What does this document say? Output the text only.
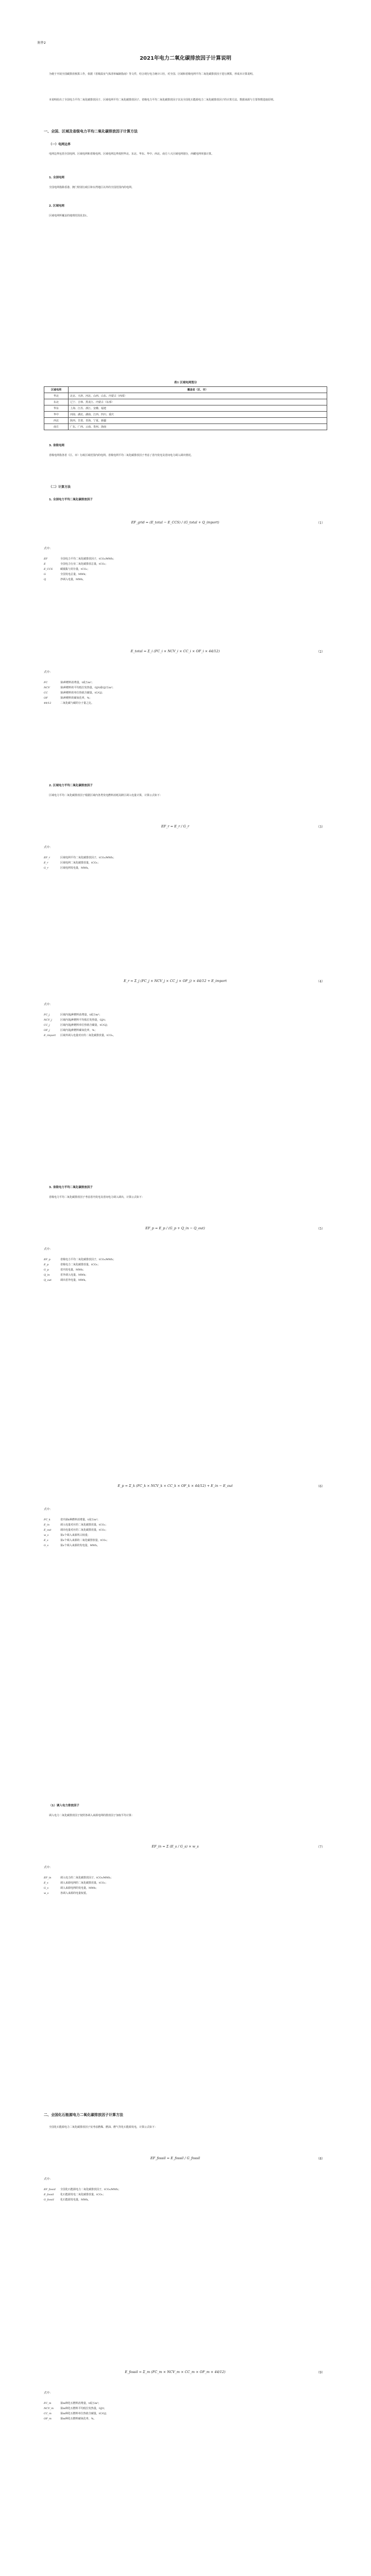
附件2
2021年电力二氧化碳排放因子计算说明
为便于开展全国碳排放核算工作，依据《省级温室气体清单编制指南》等文件，结合现行电力统计口径，对全国、区域和省级电网平均二氧化碳排放因子进行测算，形成本计算说明。
本说明给出了全国电力平均二氧化碳排放因子、区域电网平均二氧化碳排放因子、省级电力平均二氧化碳排放因子以及全国化石能源电力二氧化碳排放因子的计算方法、数据来源与主要参数选取原则。
一、全国、区域及省级电力平均二氧化碳排放因子计算方法
（一）电网边界
电网边界包括全国电网、区域电网和省级电网。区域电网边界按照华北、东北、华东、华中、西北、南方六大区域电网划分，西藏电网单独计算。
1. 全国电网
全国电网指除香港、澳门特别行政区和台湾地区以外的全国范围内的电网。
2. 区域电网
区域电网所覆盖的地理范围见表1。
表1 区域电网划分
区域电网	覆盖省（区、市）
华北	北京、天津、河北、山西、山东、内蒙古（西部）
东北	辽宁、吉林、黑龙江、内蒙古（东部）
华东	上海、江苏、浙江、安徽、福建
华中	河南、湖北、湖南、江西、四川、重庆
西北	陕西、甘肃、青海、宁夏、新疆
南方	广东、广西、云南、贵州、海南
3. 省级电网
省级电网指各省（区、市）行政区域范围内的电网。省级电网平均二氧化碳排放因子考虑了省内发电及省间电力调入调出情况。
（二）计算方法
1. 全国电力平均二氧化碳排放因子
EF_grid = (E_total − E_CCS) / (G_total + Q_import)	（1）
式中：
EF	全国电力平均二氧化碳排放因子，tCO₂/MWh；
E	全国电力行业二氧化碳排放总量，tCO₂；
E_CCS	碳捕集与封存量，tCO₂；
G	全国发电总量，MWh；
Q	净调入电量，MWh。
E_total = Σ_i (FC_i × NCV_i × CC_i × OF_i × 44/12)	（2）
式中：
FC	第i种燃料消费量，t或万m³；
NCV	第i种燃料的平均低位发热量，GJ/t或GJ/万m³；
CC	第i种燃料的单位热值含碳量，tC/GJ；
OF	第i种燃料的碳氧化率，%；
44/12	二氧化碳与碳的分子量之比。
2. 区域电力平均二氧化碳排放因子
区域电力平均二氧化碳排放因子根据区域内各类发电燃料消耗及跨区调入电量计算，计算公式如下：
EF_r = E_r / G_r	（3）
式中：
EF_r	区域电网平均二氧化碳排放因子，tCO₂/MWh；
E_r	区域电网二氧化碳排放量，tCO₂；
G_r	区域电网发电量，MWh。
E_r = Σ_j (FC_j × NCV_j × CC_j × OF_j) × 44/12 + E_import	（4）
式中：
FC_j	区域内第j种燃料消费量，t或万m³；
NCV_j	区域内第j种燃料平均低位发热量，GJ/t；
CC_j	区域内第j种燃料单位热值含碳量，tC/GJ；
OF_j	区域内第j种燃料碳氧化率，%；
E_import	区域外调入电量对应的二氧化碳排放量，tCO₂。
3. 省级电力平均二氧化碳排放因子
省级电力平均二氧化碳排放因子考虑省内发电及省间电力调入调出，计算公式如下：
EF_p = E_p / (G_p + Q_in − Q_out)	（5）
式中：
EF_p	省级电力平均二氧化碳排放因子，tCO₂/MWh；
E_p	省级电力二氧化碳排放量，tCO₂；
G_p	省内发电量，MWh；
Q_in	省外调入电量，MWh；
Q_out	调出省外电量，MWh。
E_p = Σ_k (FC_k × NCV_k × CC_k × OF_k × 44/12) + E_in − E_out	（6）
式中：
FC_k	省内第k种燃料消费量，t或万m³；
E_in	调入电量对应的二氧化碳排放量，tCO₂；
E_out	调出电量对应的二氧化碳排放量，tCO₂；
w_s	第s个调入来源所占权重；
E_s	第s个调入来源的二氧化碳排放量，tCO₂；
G_s	第s个调入来源的发电量，MWh。
（1）调入电力排放因子
调入电力二氧化碳排放因子按照各调入来源电网的排放因子加权平均计算：
EF_in = Σ (E_s / G_s) × w_s	（7）
式中：
EF_in	调入电力的二氧化碳排放因子，tCO₂/MWh；
E_s	调入来源电网的二氧化碳排放量，tCO₂；
G_s	调入来源电网的发电量，MWh；
w_s	各调入来源的电量权重。
二、全国化石能源电力二氧化碳排放因子计算方法
全国化石能源电力二氧化碳排放因子仅考虑燃煤、燃油、燃气等化石能源发电，计算公式如下：
EF_fossil = E_fossil / G_fossil	（8）
式中：
EF_fossil	全国化石能源电力二氧化碳排放因子，tCO₂/MWh；
E_fossil	化石能源发电二氧化碳排放量，tCO₂；
G_fossil	化石能源发电量，MWh。
E_fossil = Σ_m (FC_m × NCV_m × CC_m × OF_m × 44/12)	（9）
式中：
FC_m	第m种化石燃料消费量，t或万m³；
NCV_m	第m种化石燃料平均低位发热量，GJ/t；
CC_m	第m种化石燃料单位热值含碳量，tC/GJ；
OF_m	第m种化石燃料碳氧化率，%。
